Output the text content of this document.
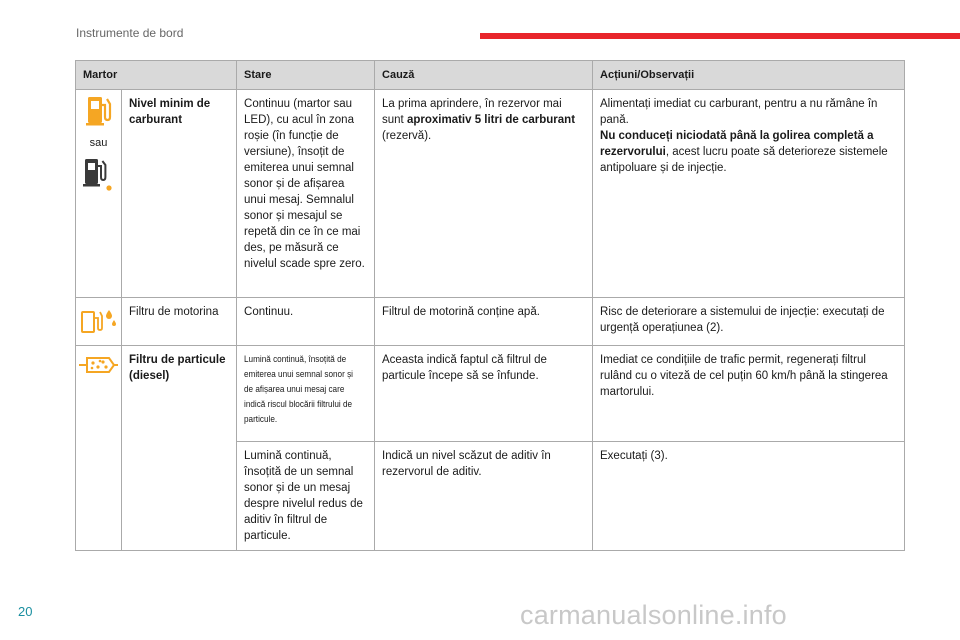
Instrumente de bord
Martor		Stare	Cauză	Acțiuni/Observații

sau	Nivel minim de carburant	Continuu (martor sau LED), cu acul în zona roșie (în funcție de versiune), însoțit de emiterea unui semnal sonor și de afișarea unui mesaj. Semnalul sonor și mesajul se repetă din ce în ce mai des, pe măsură ce nivelul scade spre zero.	La prima aprindere, în rezervor mai sunt aproximativ 5 litri de carburant (rezervă).	Alimentați imediat cu carburant, pentru a nu rămâne în pană.
Nu conduceți niciodată până la golirea completă a rezervorului, acest lucru poate să deterioreze sistemele antipoluare și de injecție.

	Filtru de motorina	Continuu.	Filtrul de motorină conține apă.	Risc de deteriorare a sistemului de injecție: executați de urgență operațiunea (2).

	Filtru de particule (diesel)	Lumină continuă, însoțită de emiterea unui semnal sonor și de afișarea unui mesaj care indică riscul blocării filtrului de particule.	Aceasta indică faptul că filtrul de particule începe să se înfunde.	Imediat ce condițiile de trafic permit, regenerați filtrul rulând cu o viteză de cel puțin 60 km/h până la stingerea martorului.
		Lumină continuă, însoțită de un semnal sonor și de un mesaj despre nivelul redus de aditiv în filtrul de particule.	Indică un nivel scăzut de aditiv în rezervorul de aditiv.	Executați (3).
20	carmanualsonline.info
